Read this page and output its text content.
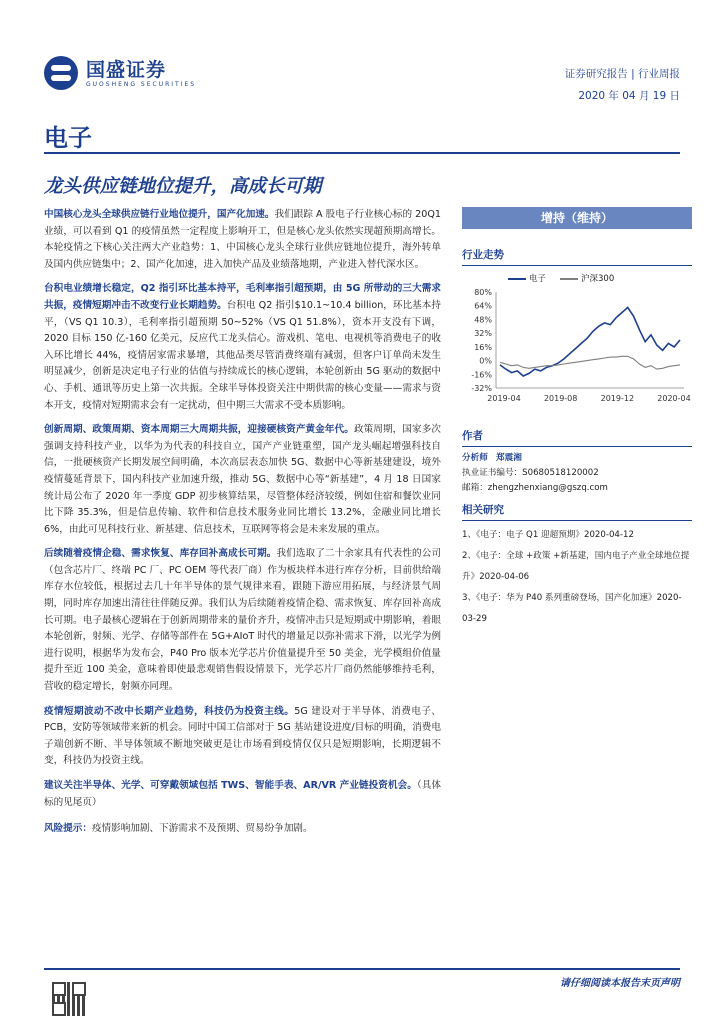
国盛证券
GUOSHENG SECURITIES
证券研究报告 | 行业周报
2020 年 04 月 19 日
电子
龙头供应链地位提升，高成长可期

中国核心龙头全球供应链行业地位提升，国产化加速。我们跟踪 A 股电子行业核心标的 20Q1 业绩，可以看到 Q1 的疫情虽然一定程度上影响开工，但是核心龙头依然实现超预期高增长。本轮疫情之下核心关注两大产业趋势：1、中国核心龙头全球行业供应链地位提升，海外转单及国内供应链集中；2、国产化加速，进入加快产品及业绩落地期，产业进入替代深水区。

台积电业绩增长稳定，Q2 指引环比基本持平，毛利率指引超预期，由 5G 所带动的三大需求共振，疫情短期冲击不改变行业长期趋势。台积电 Q2 指引$10.1~10.4 billion，环比基本持平，（VS Q1 10.3），毛利率指引超预期 50~52%（VS Q1 51.8%），资本开支没有下调，2020 目标 150 亿-160 亿美元，反应代工龙头信心。游戏机、笔电、电视机等消费电子的收入环比增长 44%，疫情居家需求暴增，其他品类尽管消费终端有减弱，但客户订单尚未发生明显减少，创新是决定电子行业的估值与持续成长的核心逻辑，本轮创新由 5G 驱动的数据中心、手机、通讯等历史上第一次共振。全球半导体投资关注中期供需的核心变量——需求与资本开支，疫情对短期需求会有一定扰动，但中期三大需求不受本质影响。

创新周期、政策周期、资本周期三大周期共振，迎接硬核资产黄金年代。政策周期，国家多次强调支持科技产业，以华为为代表的科技自立，国产产业链重塑，国产龙头崛起增强科技自信，一批硬核资产长期发展空间明确，本次高层表态加快 5G、数据中心等新基建建设，境外疫情蔓延背景下，国内科技产业加速升级，推动 5G、数据中心等“新基建”，4 月 18 日国家统计局公布了 2020 年一季度 GDP 初步核算结果，尽管整体经济较缓，例如住宿和餐饮业同比下降 35.3%，但是信息传输、软件和信息技术服务业同比增长 13.2%，金融业同比增长 6%，由此可见科技行业、新基建、信息技术，互联网等将会是未来发展的重点。

后续随着疫情企稳、需求恢复、库存回补高成长可期。我们选取了二十余家具有代表性的公司（包含芯片厂、终端 PC 厂、PC OEM 等代表厂商）作为板块样本进行库存分析，目前供给端库存水位较低，根据过去几十年半导体的景气规律来看，跟随下游应用拓展，与经济景气周期，同时库存加速出清往往伴随反弹。我们认为后续随着疫情企稳、需求恢复、库存回补高成长可期。电子最核心逻辑在于创新周期带来的量价齐升，疫情冲击只是短期或中期影响，着眼本轮创新，射频、光学、存储等部件在 5G+AIoT 时代的增量足以弥补需求下滑，以光学为例进行说明，根据华为发布会，P40 Pro 版本光学芯片价值量提升至 50 美金，光学模组价值量提升至近 100 美金，意味着即使最悲观销售假设情景下，光学芯片厂商仍然能够维持毛利，营收的稳定增长，射频亦同理。

疫情短期波动不改中长期产业趋势，科技仍为投资主线。5G 建设对于半导体、消费电子、PCB，安防等领域带来新的机会。同时中国工信部对于 5G 基站建设进度/目标的明确，消费电子端创新不断、半导体领域不断地突破更是让市场看到疫情仅仅只是短期影响，长期逻辑不变，科技仍为投资主线。

建议关注半导体、光学、可穿戴领域包括 TWS、智能手表、AR/VR 产业链投资机会。（具体标的见尾页）

风险提示：疫情影响加剧、下游需求不及预期、贸易纷争加剧。

增持（维持）
行业走势
电子	沪深300
80%
64%
48%
32%
16%
0%
-16%
-32%
2019-04	2019-08	2019-12	2020-04
作者
分析师 郑震湘
执业证书编号：S0680518120002
邮箱：zhengzhenxiang@gszq.com
相关研究
1、《电子：电子 Q1 迎超预期》2020-04-12
2、《电子：全球 +政策 +新基建，国内电子产业全球地位提升》2020-04-06
3、《电子：华为 P40 系列重磅登场，国产化加速》2020-03-29
请仔细阅读本报告末页声明
